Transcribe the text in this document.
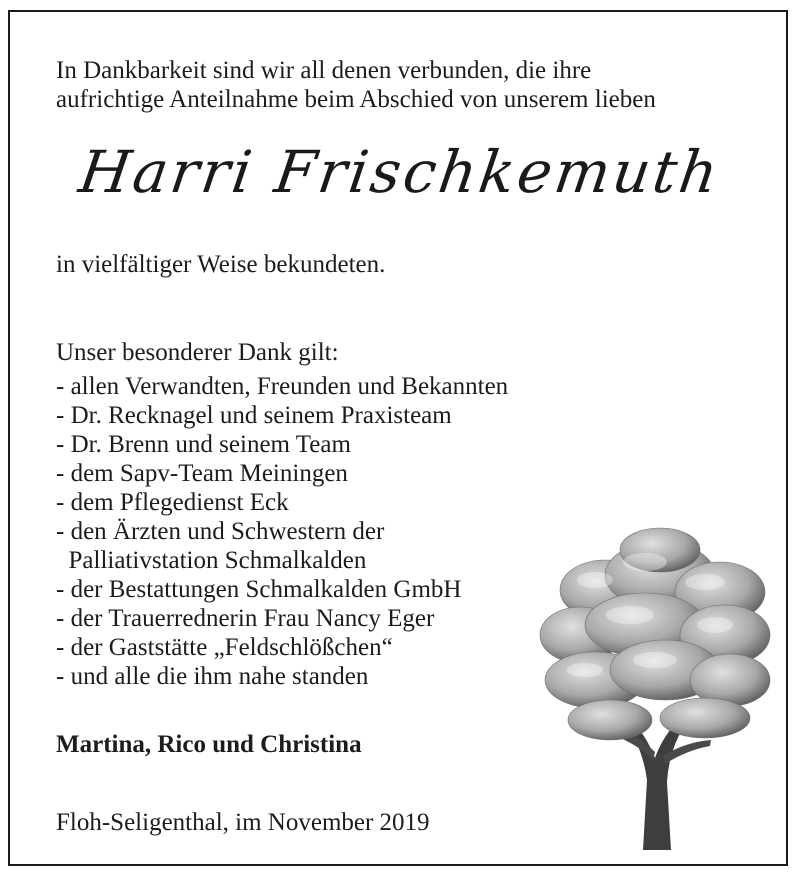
In Dankbarkeit sind wir all denen verbunden, die ihre
aufrichtige Anteilnahme beim Abschied von unserem lieben
Harri Frischkemuth
in vielfältiger Weise bekundeten.
Unser besonderer Dank gilt:
- allen Verwandten, Freunden und Bekannten
- Dr. Recknagel und seinem Praxisteam
- Dr. Brenn und seinem Team
- dem Sapv-Team Meiningen
- dem Pflegedienst Eck
- den Ärzten und Schwestern der
Palliativstation Schmalkalden
- der Bestattungen Schmalkalden GmbH
- der Trauerrednerin Frau Nancy Eger
- der Gaststätte „Feldschlößchen“
- und alle die ihm nahe standen
Martina, Rico und Christina
Floh-Seligenthal, im November 2019
